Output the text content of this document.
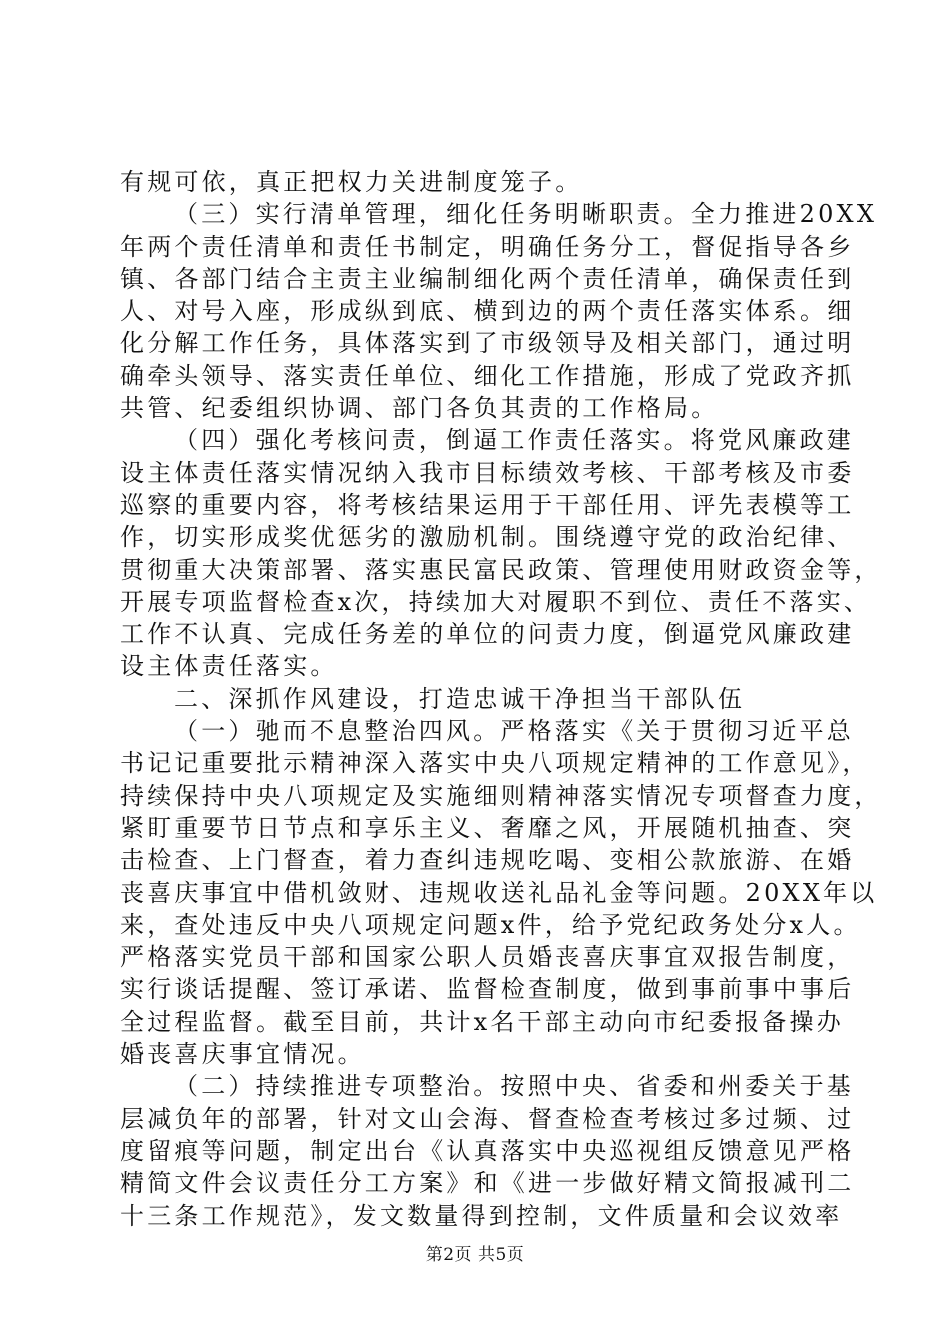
有规可依，真正把权力关进制度笼子。
（三）实行清单管理，细化任务明晰职责。全力推进20XX
年两个责任清单和责任书制定，明确任务分工，督促指导各乡
镇、各部门结合主责主业编制细化两个责任清单，确保责任到
人、对号入座，形成纵到底、横到边的两个责任落实体系。细
化分解工作任务，具体落实到了市级领导及相关部门，通过明
确牵头领导、落实责任单位、细化工作措施，形成了党政齐抓
共管、纪委组织协调、部门各负其责的工作格局。
（四）强化考核问责，倒逼工作责任落实。将党风廉政建
设主体责任落实情况纳入我市目标绩效考核、干部考核及市委
巡察的重要内容，将考核结果运用于干部任用、评先表模等工
作，切实形成奖优惩劣的激励机制。围绕遵守党的政治纪律、
贯彻重大决策部署、落实惠民富民政策、管理使用财政资金等，
开展专项监督检查x次，持续加大对履职不到位、责任不落实、
工作不认真、完成任务差的单位的问责力度，倒逼党风廉政建
设主体责任落实。
二、深抓作风建设，打造忠诚干净担当干部队伍
（一）驰而不息整治四风。严格落实《关于贯彻习近平总
书记记重要批示精神深入落实中央八项规定精神的工作意见》，
持续保持中央八项规定及实施细则精神落实情况专项督查力度，
紧盯重要节日节点和享乐主义、奢靡之风，开展随机抽查、突
击检查、上门督查，着力查纠违规吃喝、变相公款旅游、在婚
丧喜庆事宜中借机敛财、违规收送礼品礼金等问题。20XX年以
来，查处违反中央八项规定问题x件，给予党纪政务处分x人。
严格落实党员干部和国家公职人员婚丧喜庆事宜双报告制度，
实行谈话提醒、签订承诺、监督检查制度，做到事前事中事后
全过程监督。截至目前，共计x名干部主动向市纪委报备操办
婚丧喜庆事宜情况。
（二）持续推进专项整治。按照中央、省委和州委关于基
层减负年的部署，针对文山会海、督查检查考核过多过频、过
度留痕等问题，制定出台《认真落实中央巡视组反馈意见严格
精简文件会议责任分工方案》和《进一步做好精文简报减刊二
十三条工作规范》，发文数量得到控制，文件质量和会议效率
第2页 共5页
